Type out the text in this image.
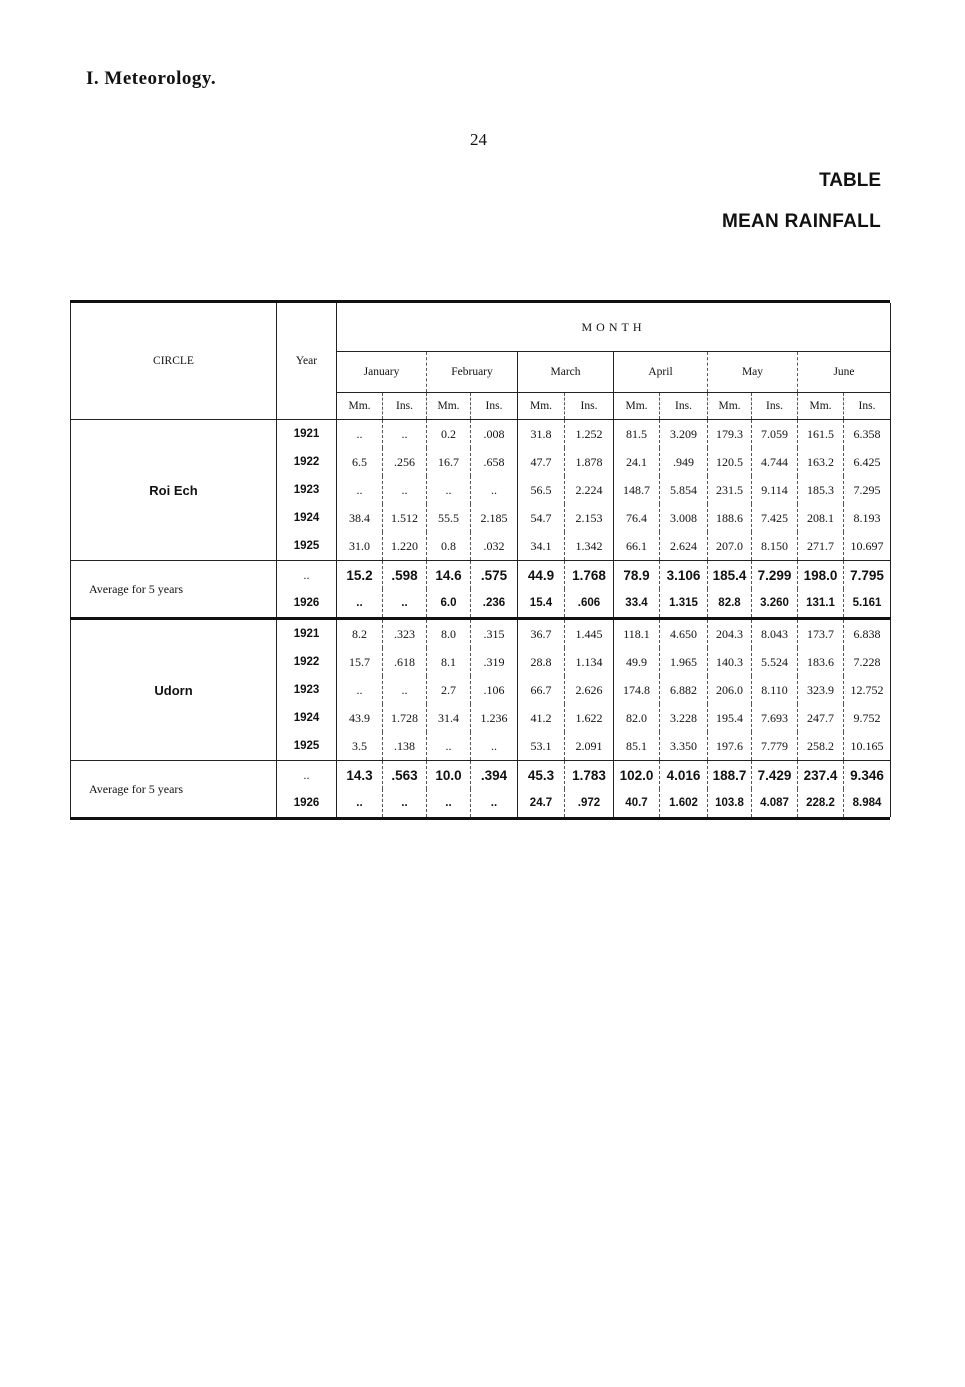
I. Meteorology.
24
TABLE
MEAN RAINFALL
CIRCLE	Year	MONTH											
		January		February		March		April		May		June	
		Mm.	Ins.	Mm.	Ins.	Mm.	Ins.	Mm.	Ins.	Mm.	Ins.	Mm.	Ins.
Roi Ech	1921	..	..	0.2	.008	31.8	1.252	81.5	3.209	179.3	7.059	161.5	6.358
	1922	6.5	.256	16.7	.658	47.7	1.878	24.1	.949	120.5	4.744	163.2	6.425
	1923	..	..	..	..	56.5	2.224	148.7	5.854	231.5	9.114	185.3	7.295
	1924	38.4	1.512	55.5	2.185	54.7	2.153	76.4	3.008	188.6	7.425	208.1	8.193
	1925	31.0	1.220	0.8	.032	34.1	1.342	66.1	2.624	207.0	8.150	271.7	10.697
Average for 5 years	..	15.2	.598	14.6	.575	44.9	1.768	78.9	3.106	185.4	7.299	198.0	7.795
	1926	..	..	6.0	.236	15.4	.606	33.4	1.315	82.8	3.260	131.1	5.161
Udorn	1921	8.2	.323	8.0	.315	36.7	1.445	118.1	4.650	204.3	8.043	173.7	6.838
	1922	15.7	.618	8.1	.319	28.8	1.134	49.9	1.965	140.3	5.524	183.6	7.228
	1923	..	..	2.7	.106	66.7	2.626	174.8	6.882	206.0	8.110	323.9	12.752
	1924	43.9	1.728	31.4	1.236	41.2	1.622	82.0	3.228	195.4	7.693	247.7	9.752
	1925	3.5	.138	..	..	53.1	2.091	85.1	3.350	197.6	7.779	258.2	10.165
Average for 5 years	..	14.3	.563	10.0	.394	45.3	1.783	102.0	4.016	188.7	7.429	237.4	9.346
	1926	..	..	..	..	24.7	.972	40.7	1.602	103.8	4.087	228.2	8.984
